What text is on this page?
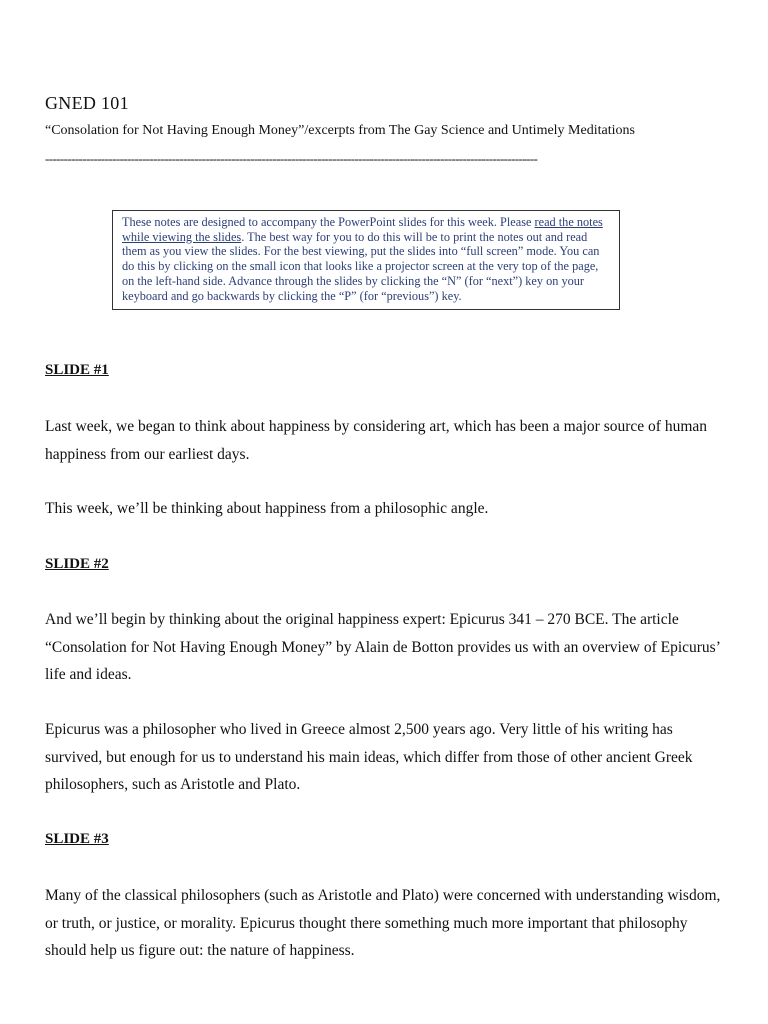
GNED 101
“Consolation for Not Having Enough Money”/excerpts from The Gay Science and Untimely Meditations
------------------------------------------------------------------------------------------------------------------------------------
These notes are designed to accompany the PowerPoint slides for this week. Please read the notes while viewing the slides. The best way for you to do this will be to print the notes out and read them as you view the slides. For the best viewing, put the slides into “full screen” mode. You can do this by clicking on the small icon that looks like a projector screen at the very top of the page, on the left-hand side. Advance through the slides by clicking the “N” (for “next”) key on your keyboard and go backwards by clicking the “P” (for “previous”) key.
SLIDE #1
Last week, we began to think about happiness by considering art, which has been a major source of human happiness from our earliest days.
This week, we’ll be thinking about happiness from a philosophic angle.
SLIDE #2
And we’ll begin by thinking about the original happiness expert: Epicurus 341 – 270 BCE. The article “Consolation for Not Having Enough Money” by Alain de Botton provides us with an overview of Epicurus’ life and ideas.
Epicurus was a philosopher who lived in Greece almost 2,500 years ago. Very little of his writing has survived, but enough for us to understand his main ideas, which differ from those of other ancient Greek philosophers, such as Aristotle and Plato.
SLIDE #3
Many of the classical philosophers (such as Aristotle and Plato) were concerned with understanding wisdom, or truth, or justice, or morality. Epicurus thought there something much more important that philosophy should help us figure out: the nature of happiness.
